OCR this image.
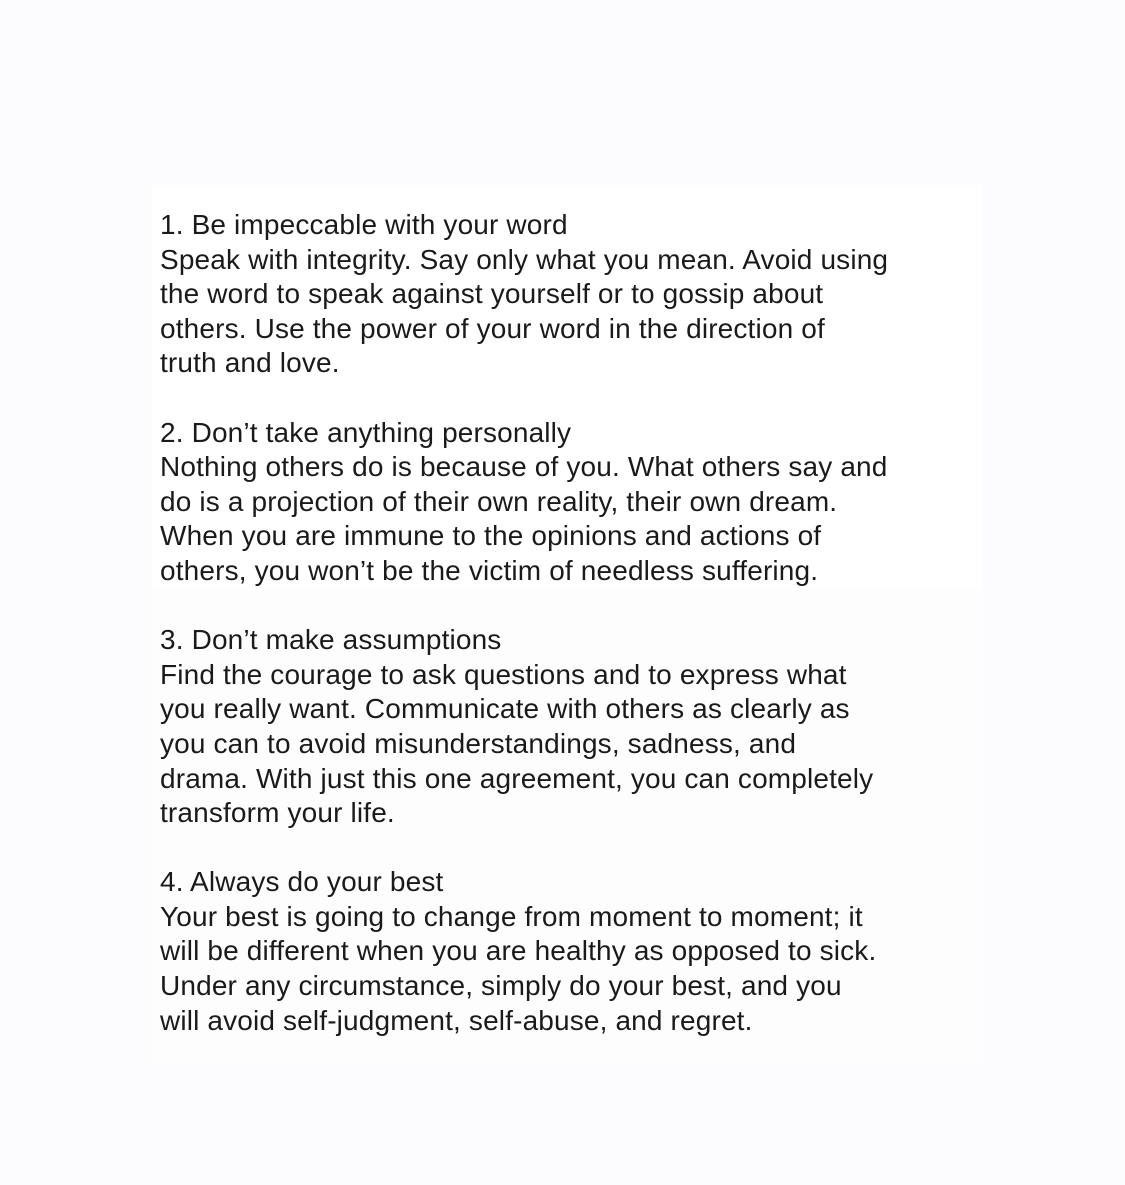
1. Be impeccable with your word
Speak with integrity. Say only what you mean. Avoid using
the word to speak against yourself or to gossip about
others. Use the power of your word in the direction of
truth and love.
2. Don’t take anything personally
Nothing others do is because of you. What others say and
do is a projection of their own reality, their own dream.
When you are immune to the opinions and actions of
others, you won’t be the victim of needless suffering.
3. Don’t make assumptions
Find the courage to ask questions and to express what
you really want. Communicate with others as clearly as
you can to avoid misunderstandings, sadness, and
drama. With just this one agreement, you can completely
transform your life.
4. Always do your best
Your best is going to change from moment to moment; it
will be different when you are healthy as opposed to sick.
Under any circumstance, simply do your best, and you
will avoid self-judgment, self-abuse, and regret.
